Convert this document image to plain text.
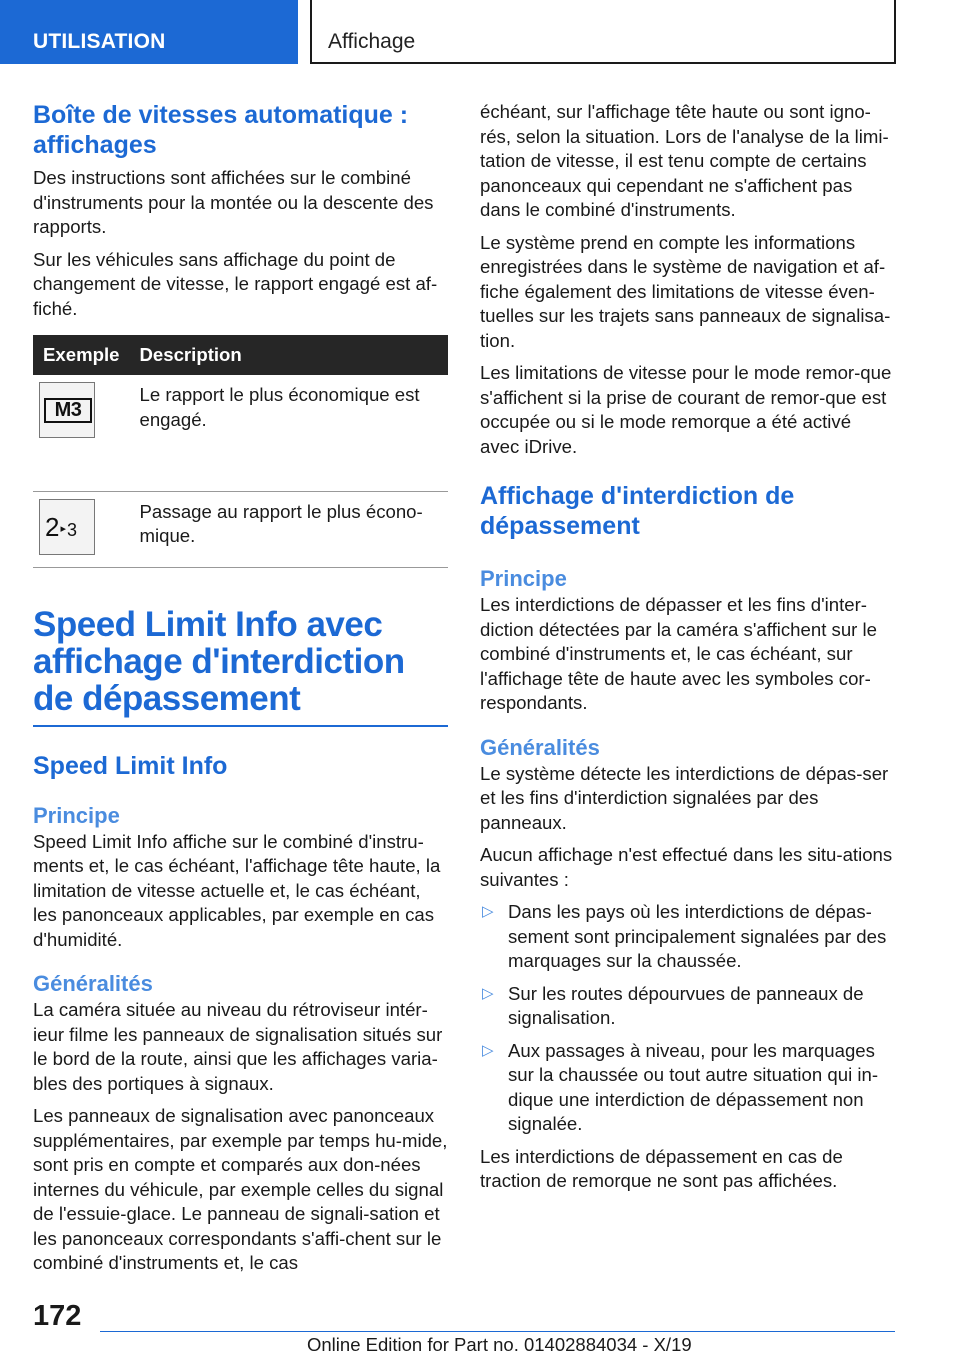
UTILISATION	Affichage
Boîte de vitesses automatique : affichages

Des instructions sont affichées sur le combiné d'instruments pour la montée ou la descente des rapports.

Sur les véhicules sans affichage du point de changement de vitesse, le rapport engagé est af-fiché.

Exemple	Description

M3	Le rapport le plus économique est engagé.

2▸3	Passage au rapport le plus écono-mique.
Speed Limit Info avec affichage d'interdiction de dépassement
Speed Limit Info
Principe

Speed Limit Info affiche sur le combiné d'instru-ments et, le cas échéant, l'affichage tête haute, la limitation de vitesse actuelle et, le cas échéant, les panonceaux applicables, par exemple en cas d'humidité.

Généralités

La caméra située au niveau du rétroviseur intér-ieur filme les panneaux de signalisation situés sur le bord de la route, ainsi que les affichages varia-bles des portiques à signaux.

Les panneaux de signalisation avec panonceaux supplémentaires, par exemple par temps hu-mide, sont pris en compte et comparés aux don-nées internes du véhicule, par exemple celles du signal de l'essuie-glace. Le panneau de signali-sation et les panonceaux correspondants s'affi-chent sur le combiné d'instruments et, le cas

échéant, sur l'affichage tête haute ou sont igno-rés, selon la situation. Lors de l'analyse de la limi-tation de vitesse, il est tenu compte de certains panonceaux qui cependant ne s'affichent pas dans le combiné d'instruments.

Le système prend en compte les informations enregistrées dans le système de navigation et af-fiche également des limitations de vitesse éven-tuelles sur les trajets sans panneaux de signalisa-tion.

Les limitations de vitesse pour le mode remor-que s'affichent si la prise de courant de remor-que est occupée ou si le mode remorque a été activé avec iDrive.

Affichage d'interdiction de dépassement
Principe

Les interdictions de dépasser et les fins d'inter-diction détectées par la caméra s'affichent sur le combiné d'instruments et, le cas échéant, sur l'affichage tête de haute avec les symboles cor-respondants.

Généralités

Le système détecte les interdictions de dépas-ser et les fins d'interdiction signalées par des panneaux.

Aucun affichage n'est effectué dans les situ-ations suivantes :

▷ Dans les pays où les interdictions de dépas-sement sont principalement signalées par des marquages sur la chaussée.
▷ Sur les routes dépourvues de panneaux de signalisation.
▷ Aux passages à niveau, pour les marquages sur la chaussée ou tout autre situation qui in-dique une interdiction de dépassement non signalée.

Les interdictions de dépassement en cas de traction de remorque ne sont pas affichées.

172
Online Edition for Part no. 01402884034 - X/19
